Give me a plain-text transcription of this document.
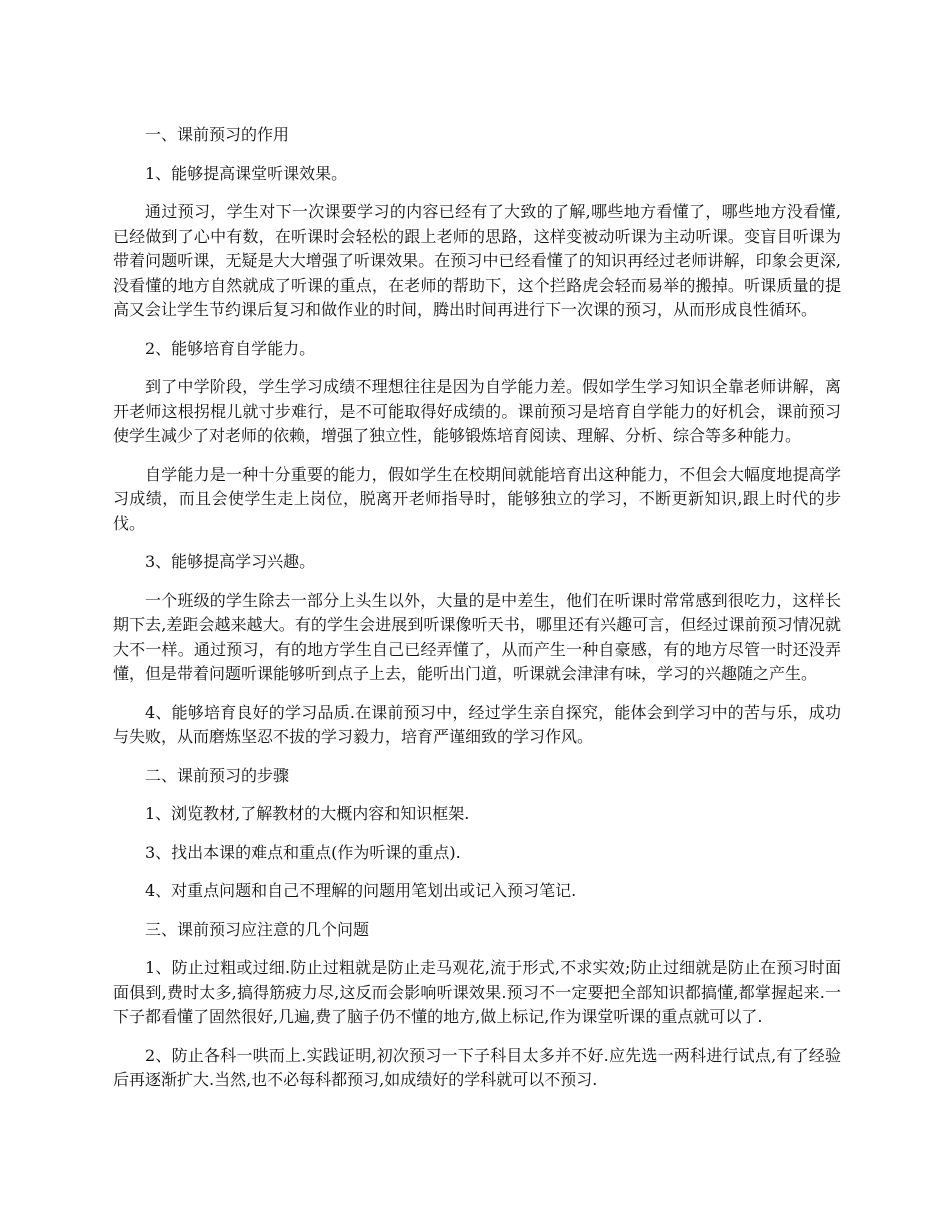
一、课前预习的作用

1、能够提高课堂听课效果。

通过预习，学生对下一次课要学习的内容已经有了大致的了解,哪些地方看懂了，哪些地方没看懂,已经做到了心中有数，在听课时会轻松的跟上老师的思路，这样变被动听课为主动听课。变盲目听课为带着问题听课，无疑是大大增强了听课效果。在预习中已经看懂了的知识再经过老师讲解，印象会更深,没看懂的地方自然就成了听课的重点，在老师的帮助下，这个拦路虎会轻而易举的搬掉。听课质量的提高又会让学生节约课后复习和做作业的时间，腾出时间再进行下一次课的预习，从而形成良性循环。

2、能够培育自学能力。

到了中学阶段，学生学习成绩不理想往往是因为自学能力差。假如学生学习知识全靠老师讲解，离开老师这根拐棍儿就寸步难行，是不可能取得好成绩的。课前预习是培育自学能力的好机会，课前预习使学生减少了对老师的依赖，增强了独立性，能够锻炼培育阅读、理解、分析、综合等多种能力。

自学能力是一种十分重要的能力，假如学生在校期间就能培育出这种能力，不但会大幅度地提高学习成绩，而且会使学生走上岗位，脱离开老师指导时，能够独立的学习，不断更新知识,跟上时代的步伐。

3、能够提高学习兴趣。

一个班级的学生除去一部分上头生以外，大量的是中差生，他们在听课时常常感到很吃力，这样长期下去,差距会越来越大。有的学生会进展到听课像听天书，哪里还有兴趣可言，但经过课前预习情况就大不一样。通过预习，有的地方学生自己已经弄懂了，从而产生一种自豪感，有的地方尽管一时还没弄懂，但是带着问题听课能够听到点子上去，能听出门道，听课就会津津有味，学习的兴趣随之产生。

4、能够培育良好的学习品质.在课前预习中，经过学生亲自探究，能体会到学习中的苦与乐，成功与失败，从而磨炼坚忍不拔的学习毅力，培育严谨细致的学习作风。

二、课前预习的步骤

1、浏览教材,了解教材的大概内容和知识框架.

3、找出本课的难点和重点(作为听课的重点).

4、对重点问题和自己不理解的问题用笔划出或记入预习笔记.

三、课前预习应注意的几个问题

1、防止过粗或过细.防止过粗就是防止走马观花,流于形式,不求实效;防止过细就是防止在预习时面面俱到,费时太多,搞得筋疲力尽,这反而会影响听课效果.预习不一定要把全部知识都搞懂,都掌握起来.一下子都看懂了固然很好,几遍,费了脑子仍不懂的地方,做上标记,作为课堂听课的重点就可以了.

2、防止各科一哄而上.实践证明,初次预习一下子科目太多并不好.应先选一两科进行试点,有了经验后再逐渐扩大.当然,也不必每科都预习,如成绩好的学科就可以不预习.
